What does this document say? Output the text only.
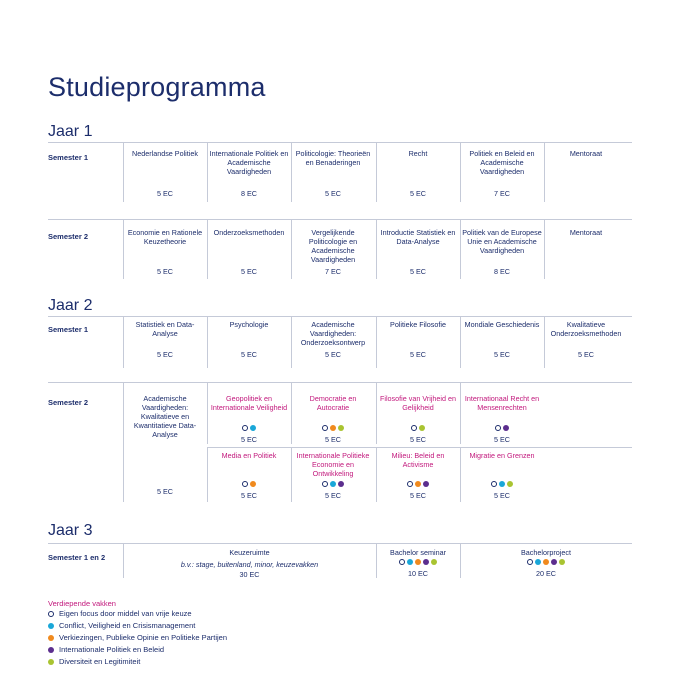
Studieprogramma
Jaar 1
Semester 1
Semester 2
Jaar 2
Semester 1
Semester 2
Jaar 3
Semester 1 en 2
Verdiepende vakken
Nederlandse Politiek
5 EC
Internationale Politiek en Academische Vaardigheden
8 EC
Politicologie: Theorieën en Benaderingen
5 EC
Recht
5 EC
Politiek en Beleid en Academische Vaardigheden
7 EC
Mentoraat
Economie en Rationele Keuzetheorie
5 EC
Onderzoeksmethoden
5 EC
Vergelijkende Politicologie en Academische Vaardigheden
7 EC
Introductie Statistiek en Data-Analyse
5 EC
Politiek van de Europese Unie en Academische Vaardigheden
8 EC
Mentoraat
Statistiek en Data-Analyse
5 EC
Psychologie
5 EC
Academische Vaardigheden: Onderzoeksontwerp
5 EC
Politieke Filosofie
5 EC
Mondiale Geschiedenis
5 EC
Kwalitatieve Onderzoeksmethoden
5 EC
Academische Vaardigheden: Kwalitatieve en Kwantitatieve Data-Analyse
5 EC
Geopolitiek en Internationale Veiligheid
5 EC
Democratie en Autocratie
5 EC
Filosofie van Vrijheid en Gelijkheid
5 EC
Internationaal Recht en Mensenrechten
5 EC
Media en Politiek
5 EC
Internationale Politieke Economie en Ontwikkeling
5 EC
Milieu: Beleid en Activisme
5 EC
Migratie en Grenzen
5 EC
Keuzeruimte
b.v.: stage, buitenland, minor, keuzevakken
30 EC
Bachelor seminar
10 EC
Bachelorproject
20 EC
Eigen focus door middel van vrije keuze
Conflict, Veiligheid en Crisismanagement
Verkiezingen, Publieke Opinie en Politieke Partijen
Internationale Politiek en Beleid
Diversiteit en Legitimiteit
